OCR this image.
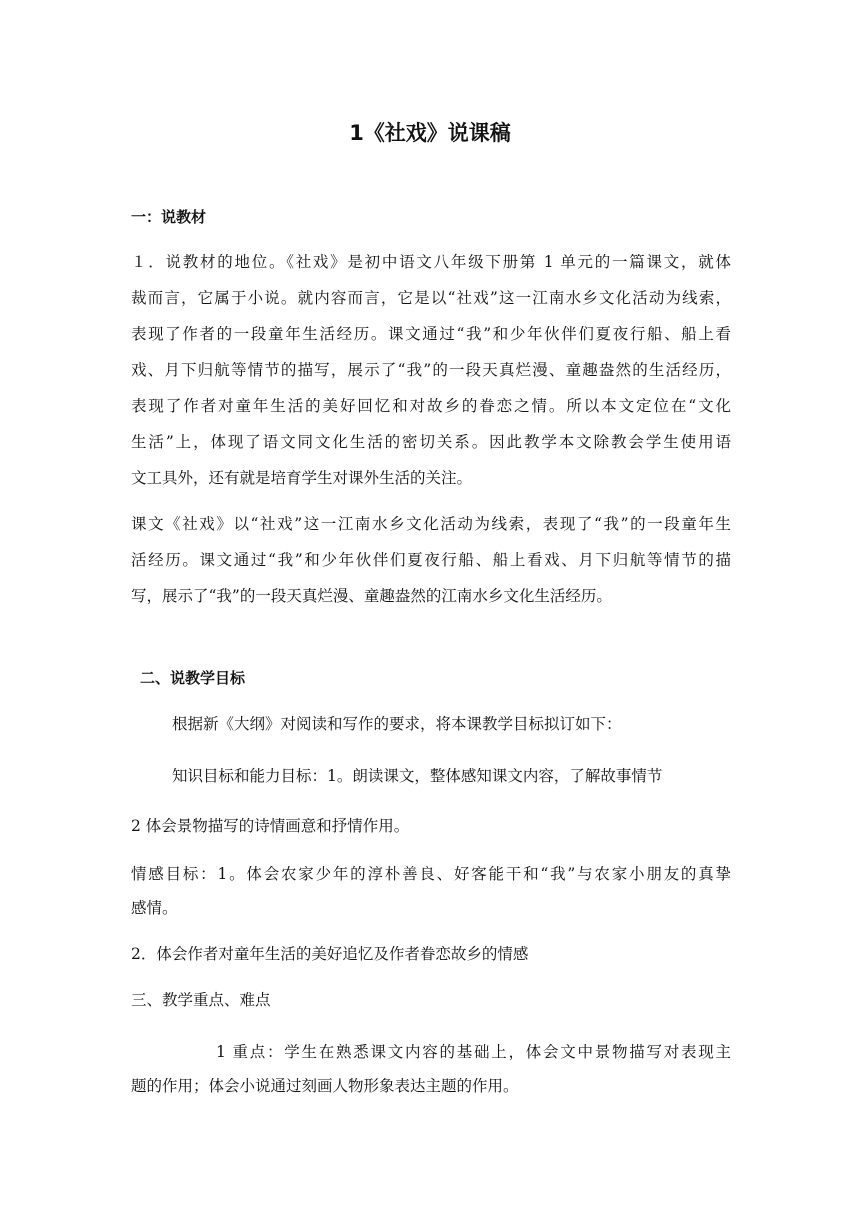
1《社戏》说课稿
一：说教材
１．说教材的地位。《社戏》是初中语文八年级下册第 1 单元的一篇课文，就体
裁而言，它属于小说。就内容而言，它是以“社戏”这一江南水乡文化活动为线索，
表现了作者的一段童年生活经历。课文通过“我”和少年伙伴们夏夜行船、船上看
戏、月下归航等情节的描写，展示了“我”的一段天真烂漫、童趣盎然的生活经历，
表现了作者对童年生活的美好回忆和对故乡的眷恋之情。所以本文定位在“文化
生活”上，体现了语文同文化生活的密切关系。因此教学本文除教会学生使用语
文工具外，还有就是培育学生对课外生活的关注。
课文《社戏》以“社戏”这一江南水乡文化活动为线索，表现了“我”的一段童年生
活经历。课文通过“我”和少年伙伴们夏夜行船、船上看戏、月下归航等情节的描
写，展示了“我”的一段天真烂漫、童趣盎然的江南水乡文化生活经历。
二、说教学目标
根据新《大纲》对阅读和写作的要求，将本课教学目标拟订如下：
知识目标和能力目标：1。朗读课文，整体感知课文内容，了解故事情节
2 体会景物描写的诗情画意和抒情作用。
情感目标：1。体会农家少年的淳朴善良、好客能干和“我”与农家小朋友的真挚
感情。
2．体会作者对童年生活的美好追忆及作者眷恋故乡的情感
三、教学重点、难点
1 重点：学生在熟悉课文内容的基础上，体会文中景物描写对表现主
题的作用；体会小说通过刻画人物形象表达主题的作用。
